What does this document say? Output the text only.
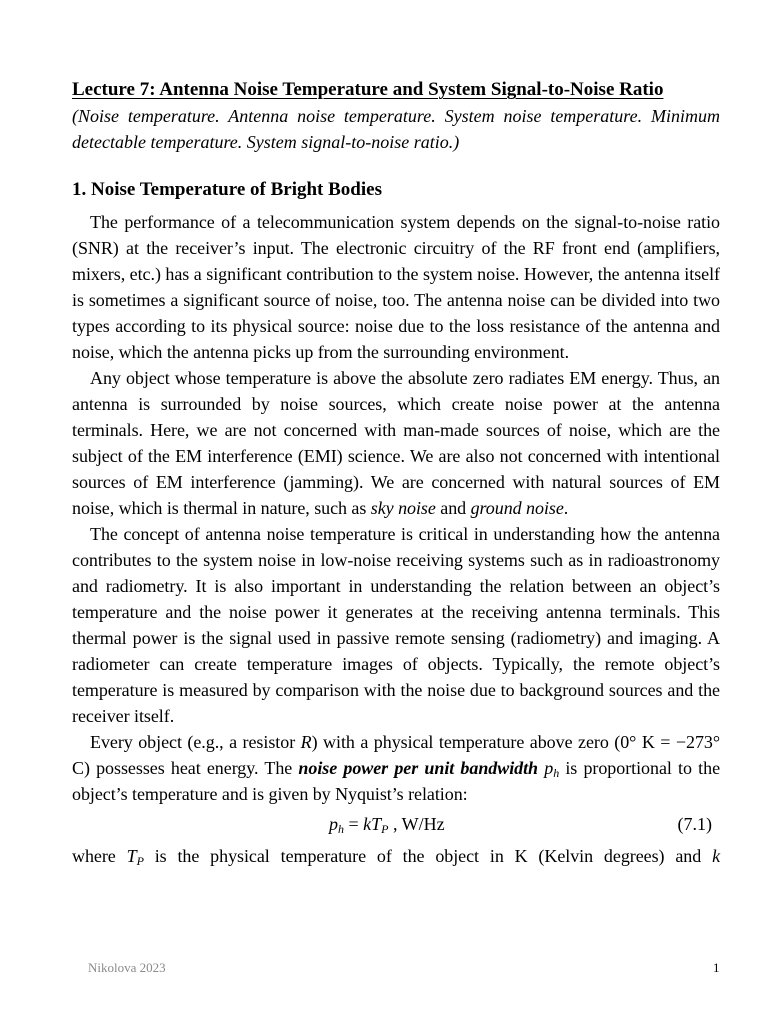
Lecture 7: Antenna Noise Temperature and System Signal-to-Noise Ratio

(Noise temperature. Antenna noise temperature. System noise temperature. Minimum detectable temperature. System signal-to-noise ratio.)

1. Noise Temperature of Bright Bodies

The performance of a telecommunication system depends on the signal-to-noise ratio (SNR) at the receiver’s input. The electronic circuitry of the RF front end (amplifiers, mixers, etc.) has a significant contribution to the system noise. However, the antenna itself is sometimes a significant source of noise, too. The antenna noise can be divided into two types according to its physical source: noise due to the loss resistance of the antenna and noise, which the antenna picks up from the surrounding environment.

Any object whose temperature is above the absolute zero radiates EM energy. Thus, an antenna is surrounded by noise sources, which create noise power at the antenna terminals. Here, we are not concerned with man-made sources of noise, which are the subject of the EM interference (EMI) science. We are also not concerned with intentional sources of EM interference (jamming). We are concerned with natural sources of EM noise, which is thermal in nature, such as sky noise and ground noise.

The concept of antenna noise temperature is critical in understanding how the antenna contributes to the system noise in low-noise receiving systems such as in radioastronomy and radiometry. It is also important in understanding the relation between an object’s temperature and the noise power it generates at the receiving antenna terminals. This thermal power is the signal used in passive remote sensing (radiometry) and imaging. A radiometer can create temperature images of objects. Typically, the remote object’s temperature is measured by comparison with the noise due to background sources and the receiver itself.

Every object (e.g., a resistor R) with a physical temperature above zero (0° K = −273° C) possesses heat energy. The noise power per unit bandwidth $p_h$ is proportional to the object’s temperature and is given by Nyquist’s relation:

$p_h = kT_P$ , W/Hz	(7.1)

where $T_P$ is the physical temperature of the object in K (Kelvin degrees) and k

Nikolova 2023	1
